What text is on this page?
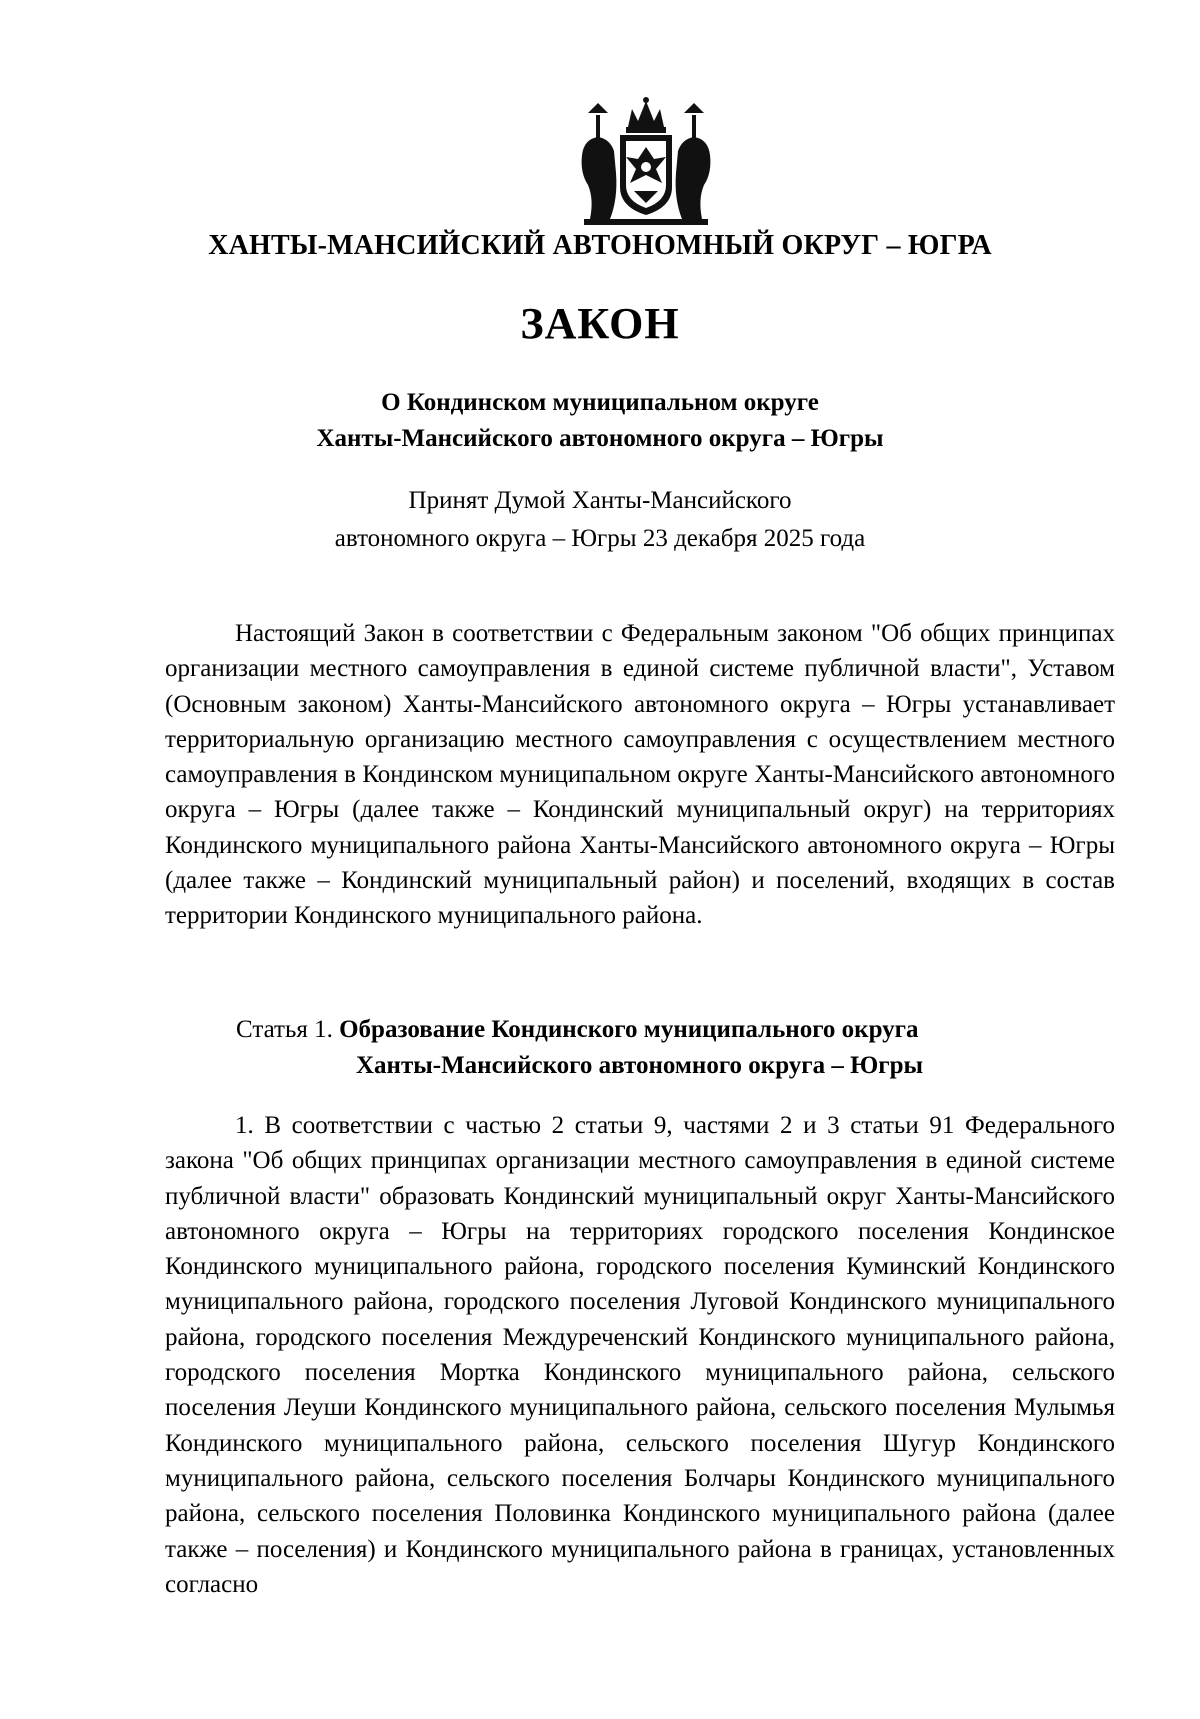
ХАНТЫ-МАНСИЙСКИЙ АВТОНОМНЫЙ ОКРУГ – ЮГРА
ЗАКОН
О Кондинском муниципальном округе
Ханты-Мансийского автономного округа – Югры
Принят Думой Ханты-Мансийского
автономного округа – Югры 23 декабря 2025 года
Настоящий Закон в соответствии с Федеральным законом "Об общих принципах организации местного самоуправления в единой системе публичной власти", Уставом (Основным законом) Ханты-Мансийского автономного округа – Югры устанавливает территориальную организацию местного самоуправления с осуществлением местного самоуправления в Кондинском муниципальном округе Ханты-Мансийского автономного округа – Югры (далее также – Кондинский муниципальный округ) на территориях Кондинского муниципального района Ханты-Мансийского автономного округа – Югры (далее также – Кондинский муниципальный район) и поселений, входящих в состав территории Кондинского муниципального района.
Статья 1. Образование Кондинского муниципального округа
Ханты-Мансийского автономного округа – Югры
1. В соответствии с частью 2 статьи 9, частями 2 и 3 статьи 91 Федерального закона "Об общих принципах организации местного самоуправления в единой системе публичной власти" образовать Кондинский муниципальный округ Ханты-Мансийского автономного округа – Югры на территориях городского поселения Кондинское Кондинского муниципального района, городского поселения Куминский Кондинского муниципального района, городского поселения Луговой Кондинского муниципального района, городского поселения Междуреченский Кондинского муниципального района, городского поселения Мортка Кондинского муниципального района, сельского поселения Леуши Кондинского муниципального района, сельского поселения Мулымья Кондинского муниципального района, сельского поселения Шугур Кондинского муниципального района, сельского поселения Болчары Кондинского муниципального района, сельского поселения Половинка Кондинского муниципального района (далее также – поселения) и Кондинского муниципального района в границах, установленных согласно
